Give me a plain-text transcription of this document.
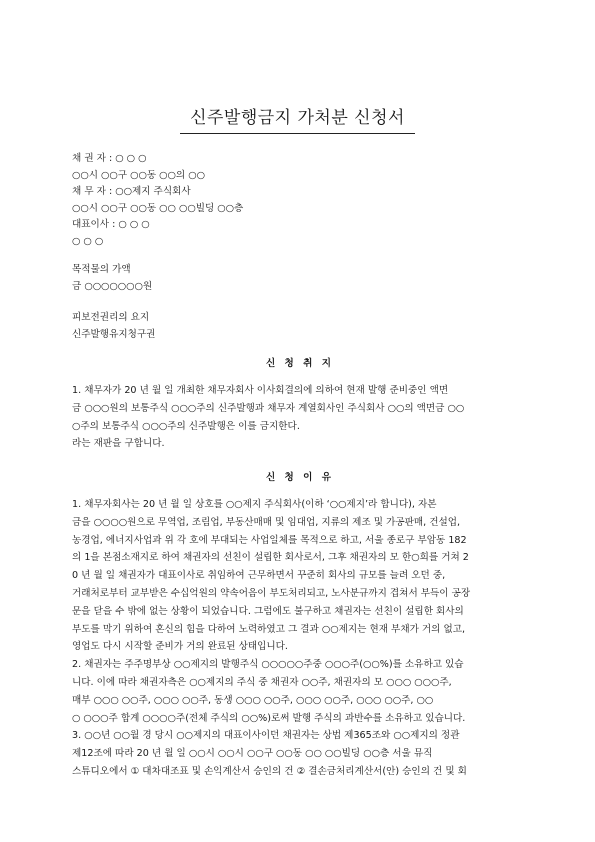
신주발행금지 가처분 신청서
채 권 자 : ○ ○ ○
○○시 ○○구 ○○동 ○○의 ○○
채 무 자 : ○○제지 주식회사
○○시 ○○구 ○○동 ○○ ○○빌딩 ○○층
대표이사 : ○ ○ ○
○ ○ ○
목적물의 가액
금 ○○○○○○○원
피보전권리의 요지
신주발행유지청구권
신 청 취 지
1. 채무자가 20 년 월 일 개최한 채무자회사 이사회결의에 의하여 현재 발행 준비중인 액면
금 ○○○원의 보통주식 ○○○주의 신주발행과 채무자 계열회사인 주식회사 ○○의 액면금 ○○
○주의 보통주식 ○○○주의 신주발행은 이를 금지한다.
라는 재판을 구합니다.
신 청 이 유
1. 채무자회사는 20 년 월 일 상호를 ○○제지 주식회사(이하 ‘○○제지’라 합니다), 자본
금을 ○○○○원으로 무역업, 조림업, 부동산매매 및 임대업, 지류의 제조 및 가공판매, 건설업,
농경업, 에너지사업과 위 각 호에 부대되는 사업일체를 목적으로 하고, 서울 종로구 부암동 182
의 1을 본점소재지로 하여 채권자의 선친이 설립한 회사로서, 그후 채권자의 모 한○희를 거쳐 2
0 년 월 일 채권자가 대표이사로 취임하여 근무하면서 꾸준히 회사의 규모를 늘려 오던 중,
거래처로부터 교부받은 수십억원의 약속어음이 부도처리되고, 노사분규까지 겹쳐서 부득이 공장
문을 닫을 수 밖에 없는 상황이 되었습니다. 그럼에도 불구하고 채권자는 선친이 설립한 회사의
부도를 막기 위하여 혼신의 힘을 다하여 노력하였고 그 결과 ○○제지는 현재 부채가 거의 없고,
영업도 다시 시작할 준비가 거의 완료된 상태입니다.
2. 채권자는 주주명부상 ○○제지의 발행주식 ○○○○○주중 ○○○주(○○%)를 소유하고 있습
니다. 이에 따라 채권자측은 ○○제지의 주식 중 채권자 ○○주, 채권자의 모 ○○○ ○○○주,
매부 ○○○ ○○주, ○○○ ○○주, 동생 ○○○ ○○주, ○○○ ○○주, ○○○ ○○주, ○○
○ ○○○주 합계 ○○○○주(전체 주식의 ○○%)로써 발행 주식의 과반수를 소유하고 있습니다.
3. ○○년 ○○월 경 당시 ○○제지의 대표이사이던 채권자는 상법 제365조와 ○○제지의 정관
제12조에 따라 20 년 월 일 ○○시 ○○시 ○○구 ○○동 ○○ ○○빌딩 ○○층 서울 뮤직
스튜디오에서 ① 대차대조표 및 손익계산서 승인의 건 ② 결손금처리계산서(안) 승인의 건 및 회
